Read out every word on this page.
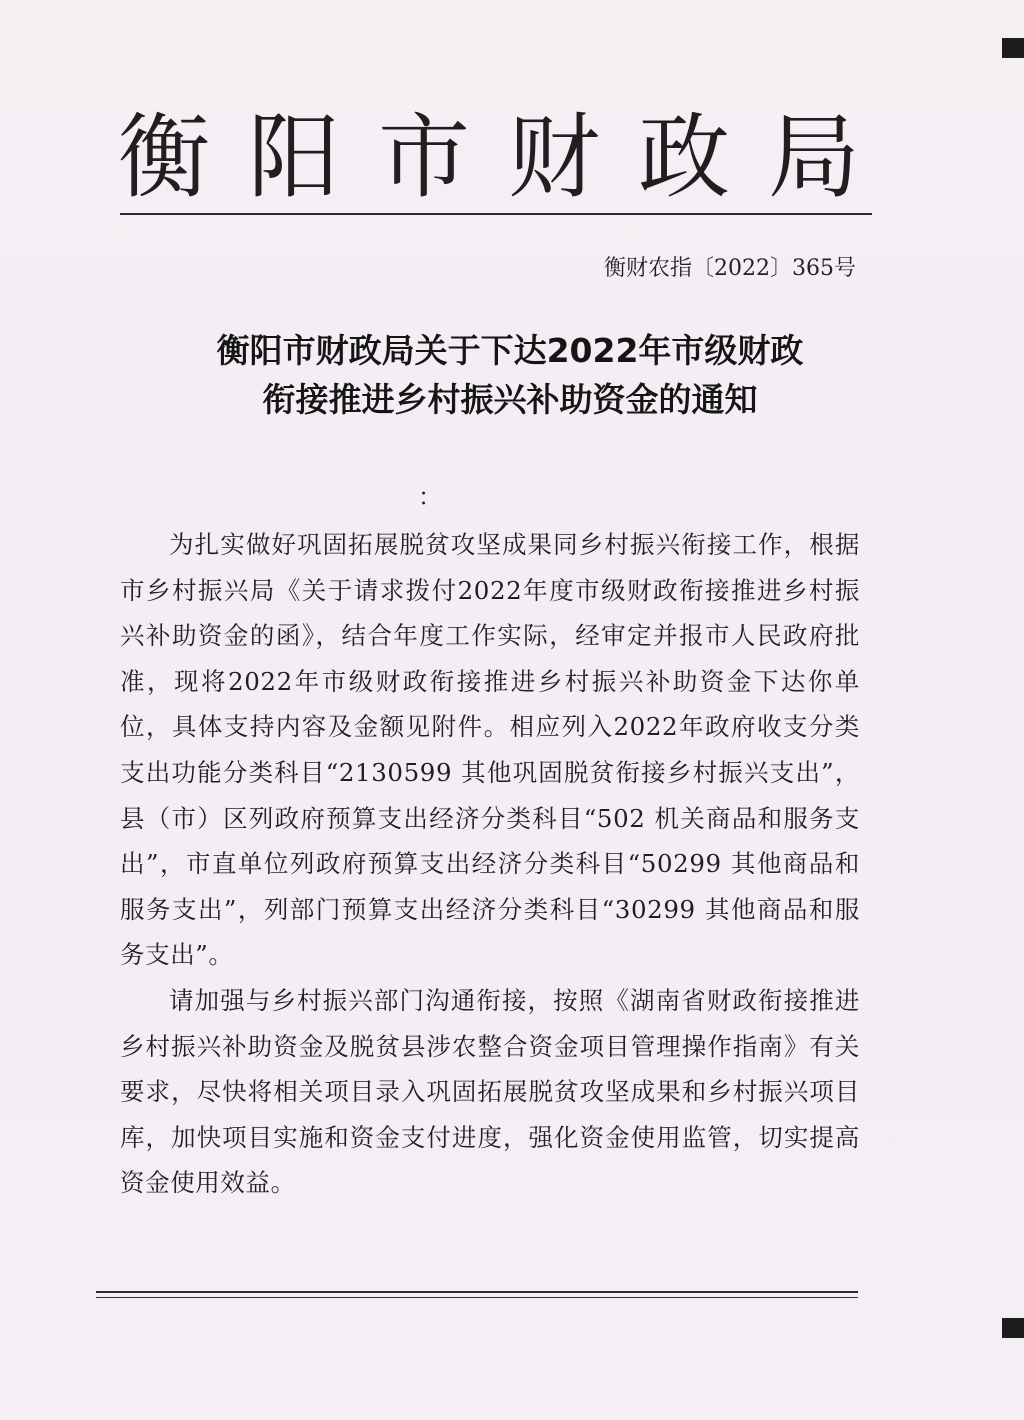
衡阳市财政局
衡财农指〔2022〕365号
衡阳市财政局关于下达2022年市级财政
衔接推进乡村振兴补助资金的通知
：

为扎实做好巩固拓展脱贫攻坚成果同乡村振兴衔接工作，根据市乡村振兴局《关于请求拨付2022年度市级财政衔接推进乡村振兴补助资金的函》，结合年度工作实际，经审定并报市人民政府批准，现将2022年市级财政衔接推进乡村振兴补助资金下达你单位，具体支持内容及金额见附件。相应列入2022年政府收支分类支出功能分类科目“2130599 其他巩固脱贫衔接乡村振兴支出”，县（市）区列政府预算支出经济分类科目“502 机关商品和服务支出”，市直单位列政府预算支出经济分类科目“50299 其他商品和服务支出”，列部门预算支出经济分类科目“30299 其他商品和服务支出”。

请加强与乡村振兴部门沟通衔接，按照《湖南省财政衔接推进乡村振兴补助资金及脱贫县涉农整合资金项目管理操作指南》有关要求，尽快将相关项目录入巩固拓展脱贫攻坚成果和乡村振兴项目库，加快项目实施和资金支付进度，强化资金使用监管，切实提高资金使用效益。
